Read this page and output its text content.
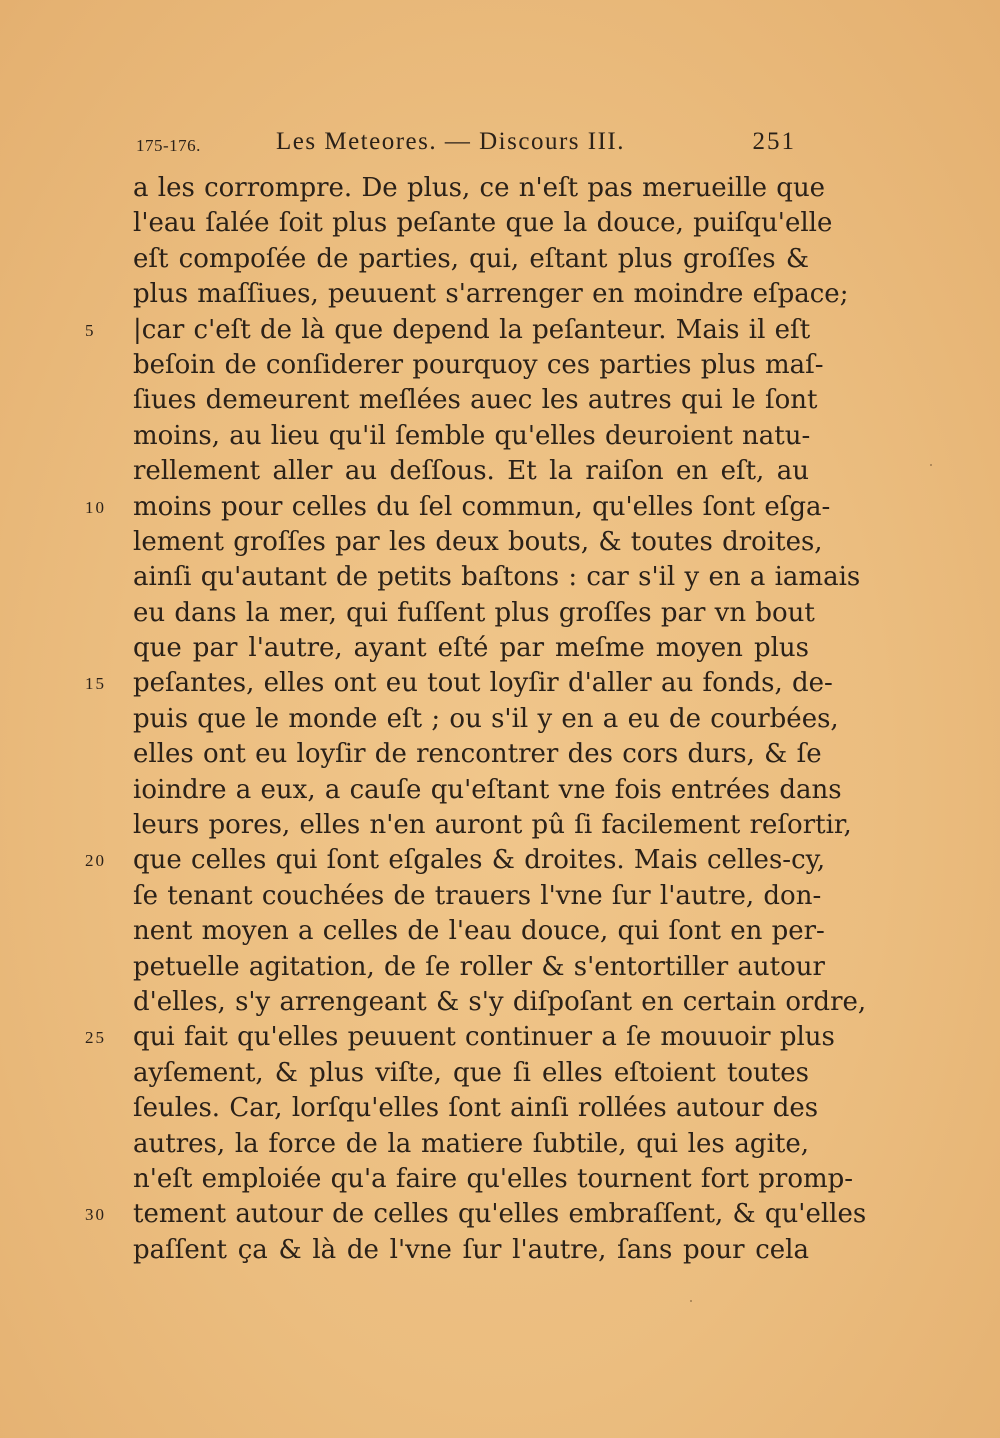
175-176.	Les Meteores. — Discours III.	251
a les corrompre. De plus, ce n'eſt pas merueille que
l'eau ſalée ſoit plus peſante que la douce, puiſqu'elle
eſt compoſée de parties, qui, eſtant plus groſſes &
plus maſſiues, peuuent s'arrenger en moindre eſpace;
5 |car c'eſt de là que depend la peſanteur. Mais il eſt
beſoin de conſiderer pourquoy ces parties plus maſ-
ſiues demeurent meſlées auec les autres qui le ſont
moins, au lieu qu'il ſemble qu'elles deuroient natu-
rellement aller au deſſous. Et la raiſon en eſt, au
10 moins pour celles du ſel commun, qu'elles ſont eſga-
lement groſſes par les deux bouts, & toutes droites,
ainſi qu'autant de petits baſtons : car s'il y en a iamais
eu dans la mer, qui fuſſent plus groſſes par vn bout
que par l'autre, ayant eſté par meſme moyen plus
15 peſantes, elles ont eu tout loyſir d'aller au fonds, de-
puis que le monde eſt ; ou s'il y en a eu de courbées,
elles ont eu loyſir de rencontrer des cors durs, & ſe
ioindre a eux, a cauſe qu'eſtant vne fois entrées dans
leurs pores, elles n'en auront pû ſi facilement reſortir,
20 que celles qui ſont eſgales & droites. Mais celles-cy,
ſe tenant couchées de trauers l'vne ſur l'autre, don-
nent moyen a celles de l'eau douce, qui ſont en per-
petuelle agitation, de ſe roller & s'entortiller autour
d'elles, s'y arrengeant & s'y diſpoſant en certain ordre,
25 qui fait qu'elles peuuent continuer a ſe mouuoir plus
ayſement, & plus viſte, que ſi elles eſtoient toutes
ſeules. Car, lorſqu'elles ſont ainſi rollées autour des
autres, la force de la matiere ſubtile, qui les agite,
n'eſt emploiée qu'a faire qu'elles tournent fort promp-
30 tement autour de celles qu'elles embraſſent, & qu'elles
paſſent ça & là de l'vne ſur l'autre, ſans pour cela
